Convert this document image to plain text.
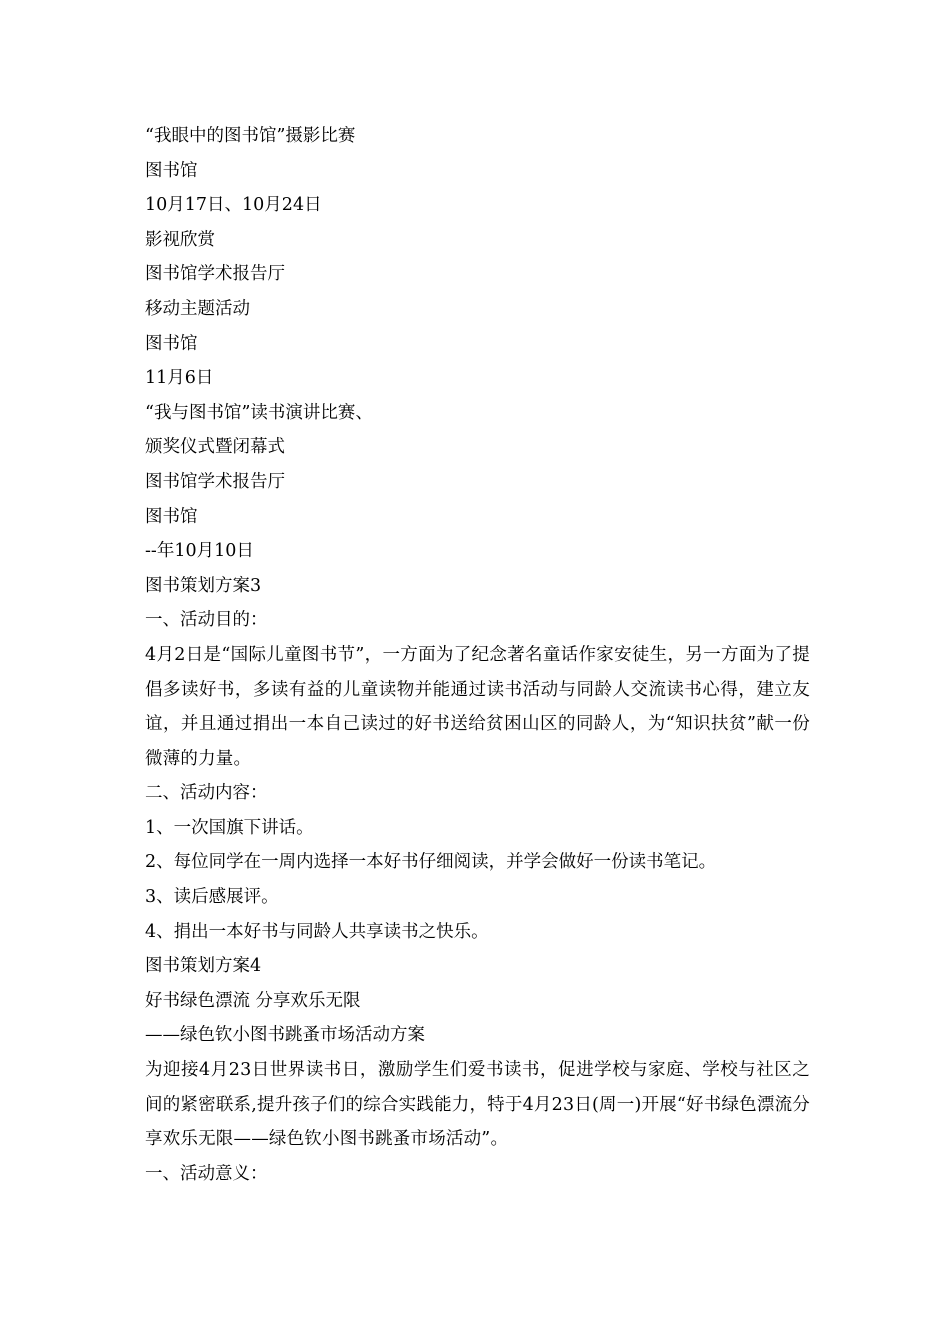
“我眼中的图书馆”摄影比赛

图书馆

10月17日、10月24日

影视欣赏

图书馆学术报告厅

移动主题活动

图书馆

11月6日

“我与图书馆”读书演讲比赛、

颁奖仪式暨闭幕式

图书馆学术报告厅

图书馆

--年10月10日

图书策划方案3

一、活动目的：

4月2日是“国际儿童图书节”，一方面为了纪念著名童话作家安徒生，另一方面为了提倡多读好书，多读有益的儿童读物并能通过读书活动与同龄人交流读书心得，建立友谊，并且通过捐出一本自己读过的好书送给贫困山区的同龄人，为“知识扶贫”献一份微薄的力量。

二、活动内容：

1、一次国旗下讲话。

2、每位同学在一周内选择一本好书仔细阅读，并学会做好一份读书笔记。

3、读后感展评。

4、捐出一本好书与同龄人共享读书之快乐。

图书策划方案4

好书绿色漂流 分享欢乐无限

——绿色钦小图书跳蚤市场活动方案

为迎接4月23日世界读书日，激励学生们爱书读书，促进学校与家庭、学校与社区之间的紧密联系,提升孩子们的综合实践能力，特于4月23日(周一)开展“好书绿色漂流分享欢乐无限——绿色钦小图书跳蚤市场活动”。

一、活动意义：
